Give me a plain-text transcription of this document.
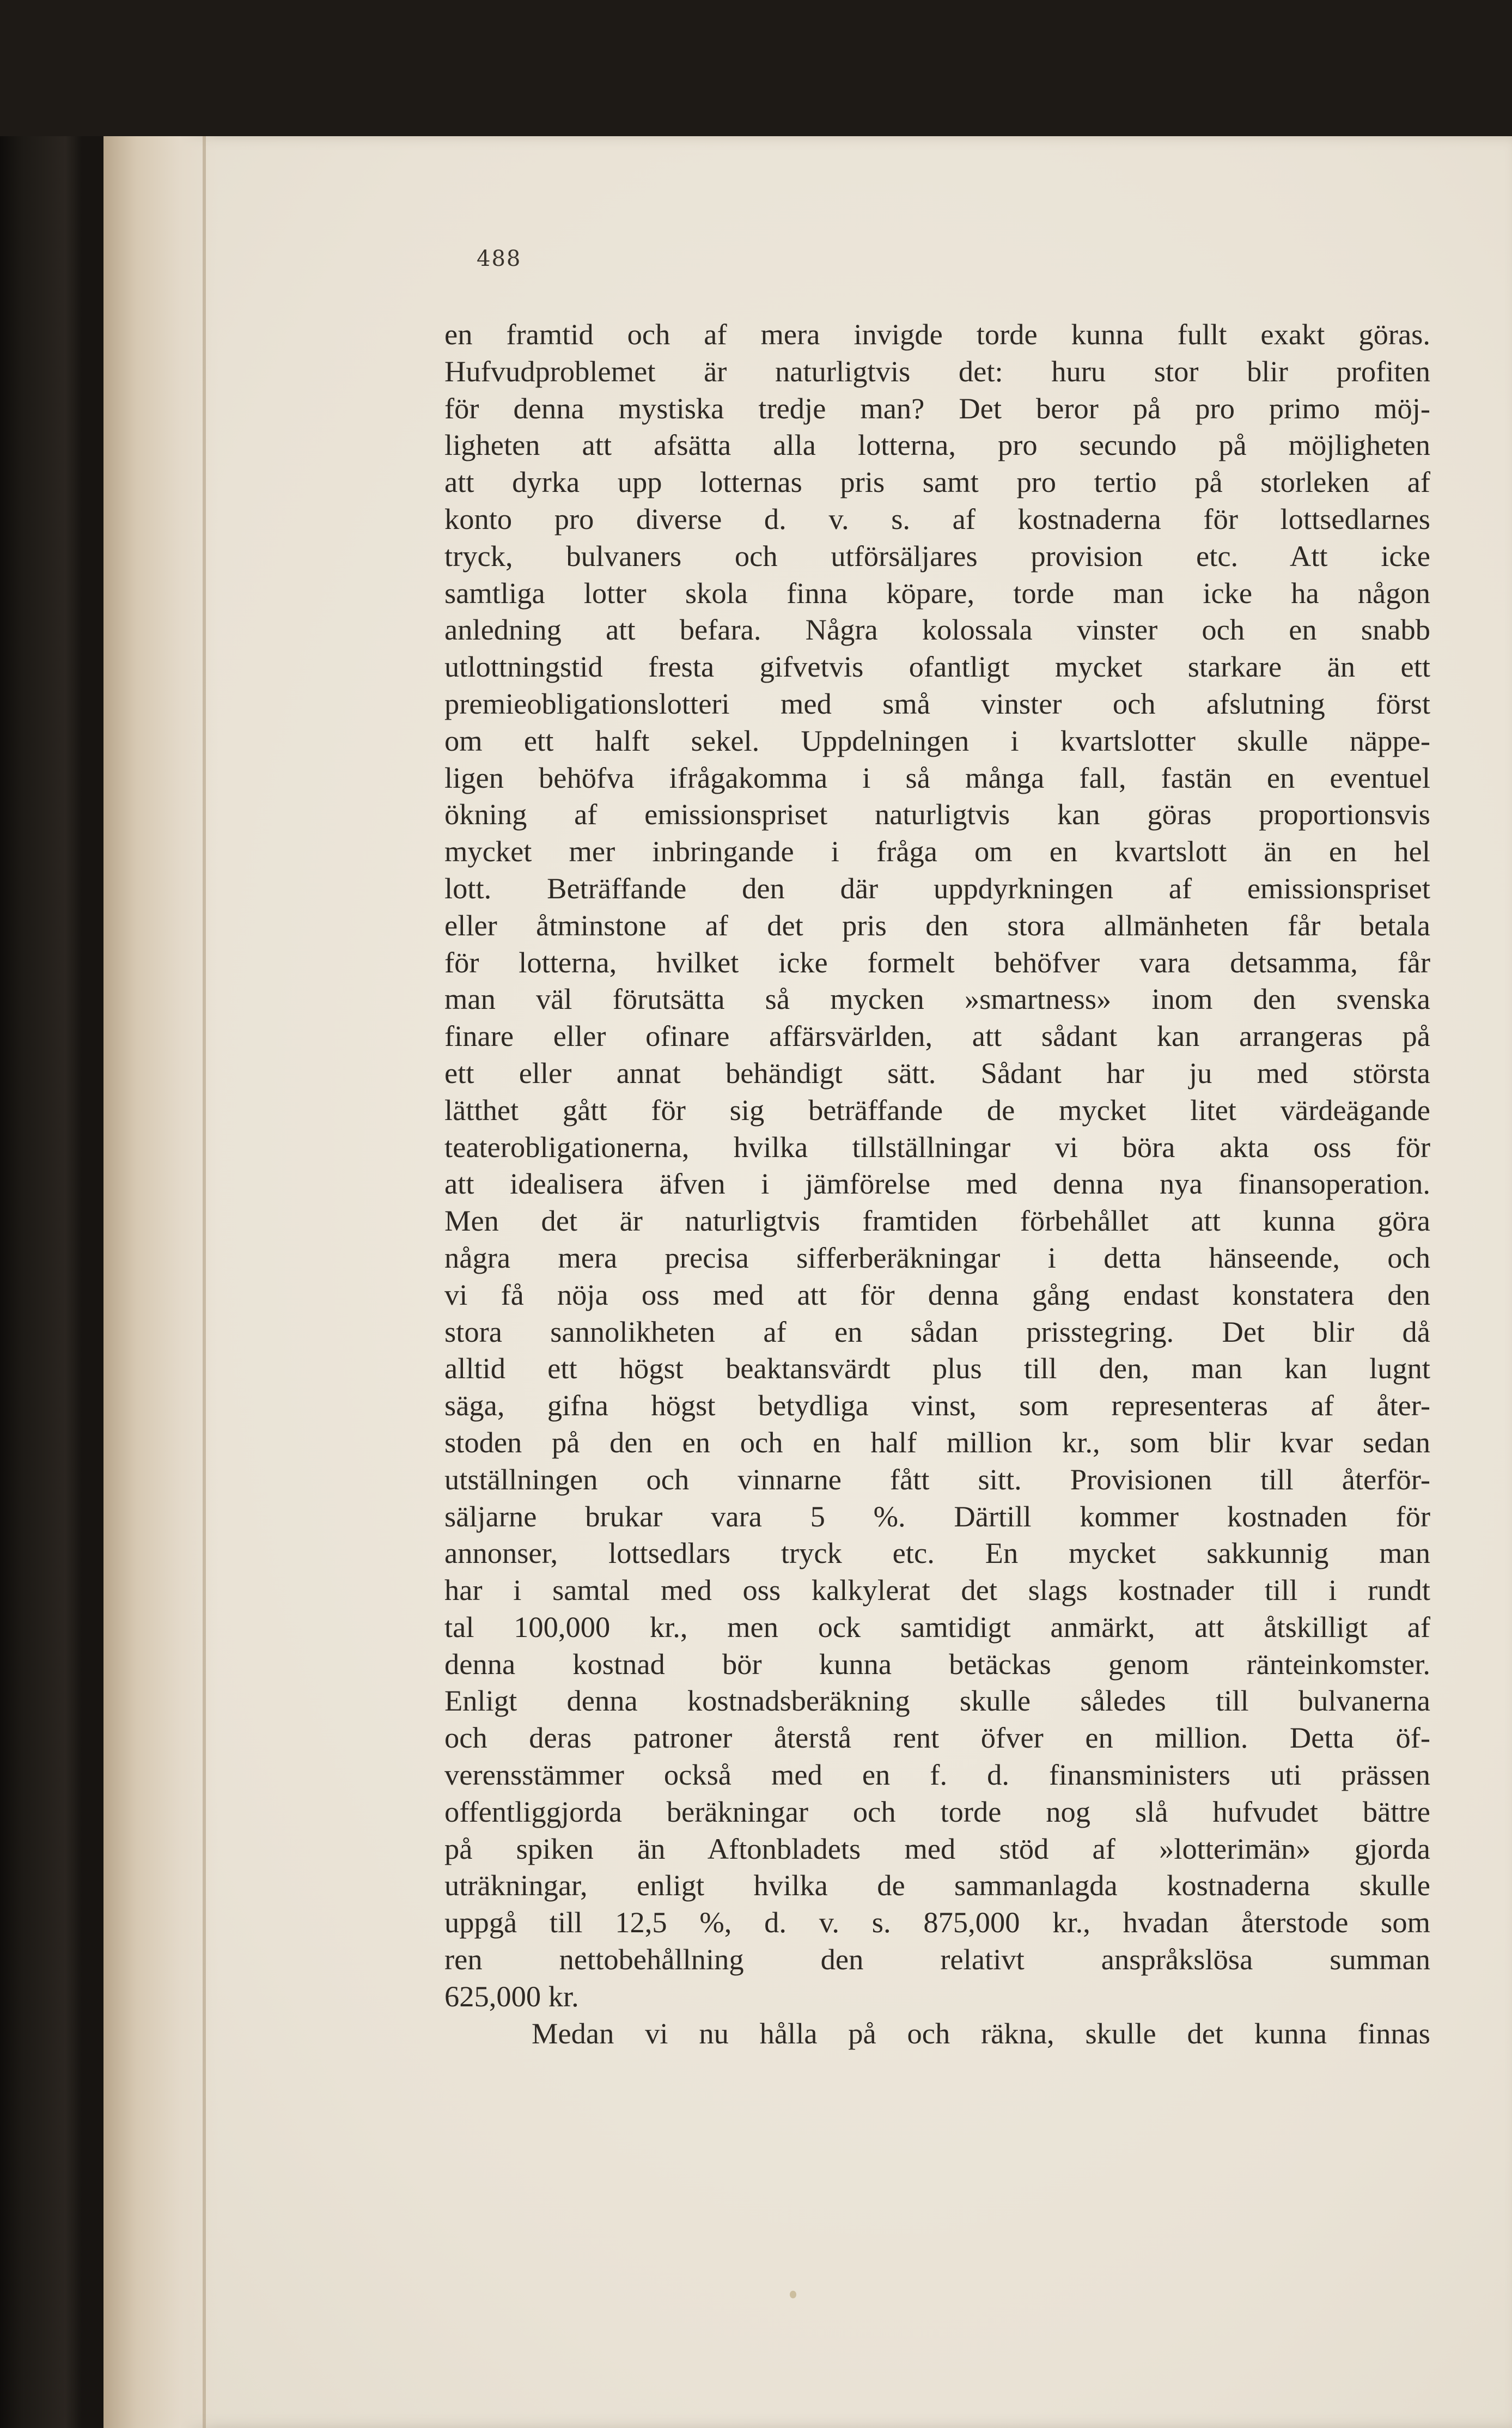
488
en framtid och af mera invigde torde kunna fullt exakt göras.
Hufvudproblemet är naturligtvis det: huru stor blir profiten
för denna mystiska tredje man? Det beror på pro primo möj-
ligheten att afsätta alla lotterna, pro secundo på möjligheten
att dyrka upp lotternas pris samt pro tertio på storleken af
konto pro diverse d. v. s. af kostnaderna för lottsedlarnes
tryck, bulvaners och utförsäljares provision etc. Att icke
samtliga lotter skola finna köpare, torde man icke ha någon
anledning att befara. Några kolossala vinster och en snabb
utlottningstid fresta gifvetvis ofantligt mycket starkare än ett
premieobligationslotteri med små vinster och afslutning först
om ett halft sekel. Uppdelningen i kvartslotter skulle näppe-
ligen behöfva ifrågakomma i så många fall, fastän en eventuel
ökning af emissionspriset naturligtvis kan göras proportionsvis
mycket mer inbringande i fråga om en kvartslott än en hel
lott. Beträffande den där uppdyrkningen af emissionspriset
eller åtminstone af det pris den stora allmänheten får betala
för lotterna, hvilket icke formelt behöfver vara detsamma, får
man väl förutsätta så mycken »smartness» inom den svenska
finare eller ofinare affärsvärlden, att sådant kan arrangeras på
ett eller annat behändigt sätt. Sådant har ju med största
lätthet gått för sig beträffande de mycket litet värdeägande
teaterobligationerna, hvilka tillställningar vi böra akta oss för
att idealisera äfven i jämförelse med denna nya finansoperation.
Men det är naturligtvis framtiden förbehållet att kunna göra
några mera precisa sifferberäkningar i detta hänseende, och
vi få nöja oss med att för denna gång endast konstatera den
stora sannolikheten af en sådan prisstegring. Det blir då
alltid ett högst beaktansvärdt plus till den, man kan lugnt
säga, gifna högst betydliga vinst, som representeras af åter-
stoden på den en och en half million kr., som blir kvar sedan
utställningen och vinnarne fått sitt. Provisionen till återför-
säljarne brukar vara 5 %. Därtill kommer kostnaden för
annonser, lottsedlars tryck etc. En mycket sakkunnig man
har i samtal med oss kalkylerat det slags kostnader till i rundt
tal 100,000 kr., men ock samtidigt anmärkt, att åtskilligt af
denna kostnad bör kunna betäckas genom ränteinkomster.
Enligt denna kostnadsberäkning skulle således till bulvanerna
och deras patroner återstå rent öfver en million. Detta öf-
verensstämmer också med en f. d. finansministers uti prässen
offentliggjorda beräkningar och torde nog slå hufvudet bättre
på spiken än Aftonbladets med stöd af »lotterimän» gjorda
uträkningar, enligt hvilka de sammanlagda kostnaderna skulle
uppgå till 12,5 %, d. v. s. 875,000 kr., hvadan återstode som
ren nettobehållning den relativt anspråkslösa summan
625,000 kr.
Medan vi nu hålla på och räkna, skulle det kunna finnas
